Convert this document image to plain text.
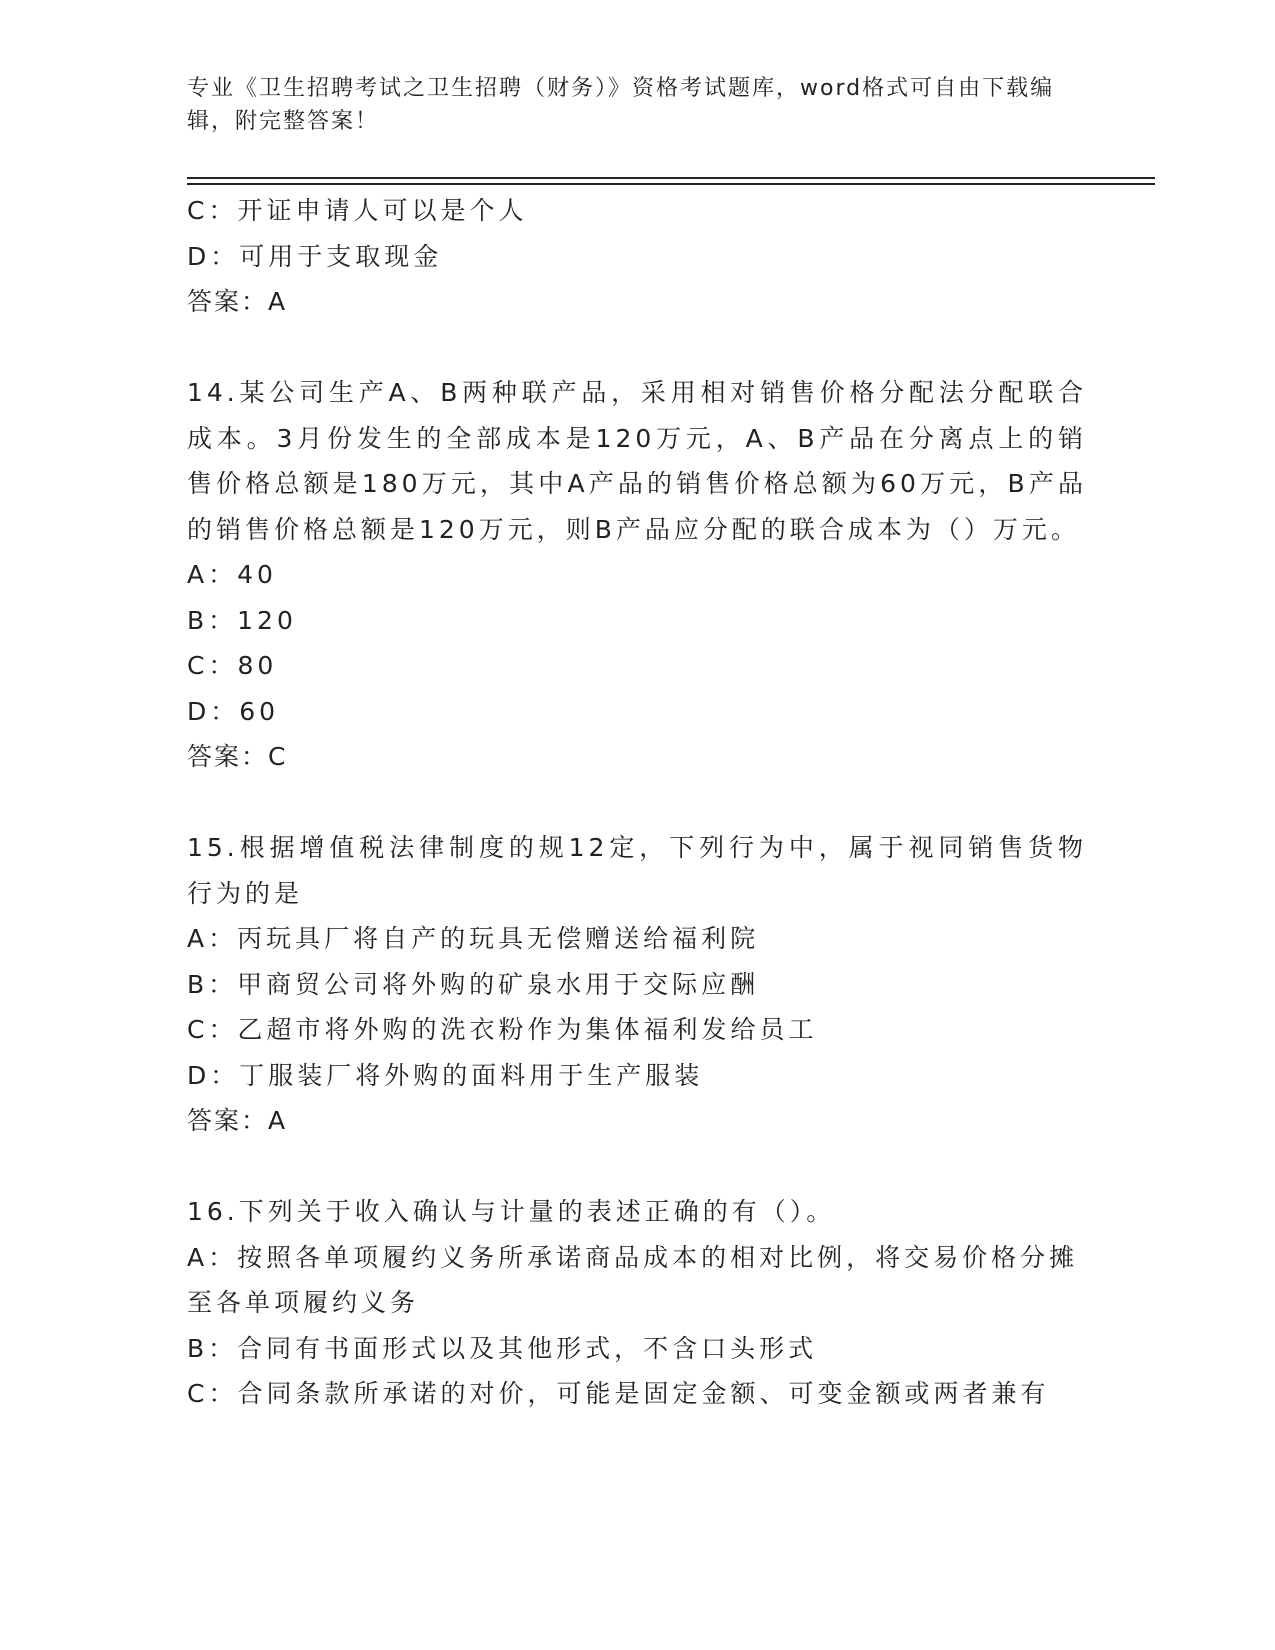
专业《卫生招聘考试之卫生招聘（财务）》资格考试题库，word格式可自由下载编辑，附完整答案！

C：开证申请人可以是个人

D：可用于支取现金

答案：A

14.某公司生产A、B两种联产品，采用相对销售价格分配法分配联合成本。3月份发生的全部成本是120万元，A、B产品在分离点上的销售价格总额是180万元，其中A产品的销售价格总额为60万元，B产品的销售价格总额是120万元，则B产品应分配的联合成本为（）万元。

A：40

B：120

C：80

D：60

答案：C

15.根据增值税法律制度的规12定，下列行为中，属于视同销售货物行为的是

A：丙玩具厂将自产的玩具无偿赠送给福利院

B：甲商贸公司将外购的矿泉水用于交际应酬

C：乙超市将外购的洗衣粉作为集体福利发给员工

D：丁服装厂将外购的面料用于生产服装

答案：A

16.下列关于收入确认与计量的表述正确的有（）。

A：按照各单项履约义务所承诺商品成本的相对比例，将交易价格分摊至各单项履约义务

B：合同有书面形式以及其他形式，不含口头形式

C：合同条款所承诺的对价，可能是固定金额、可变金额或两者兼有
